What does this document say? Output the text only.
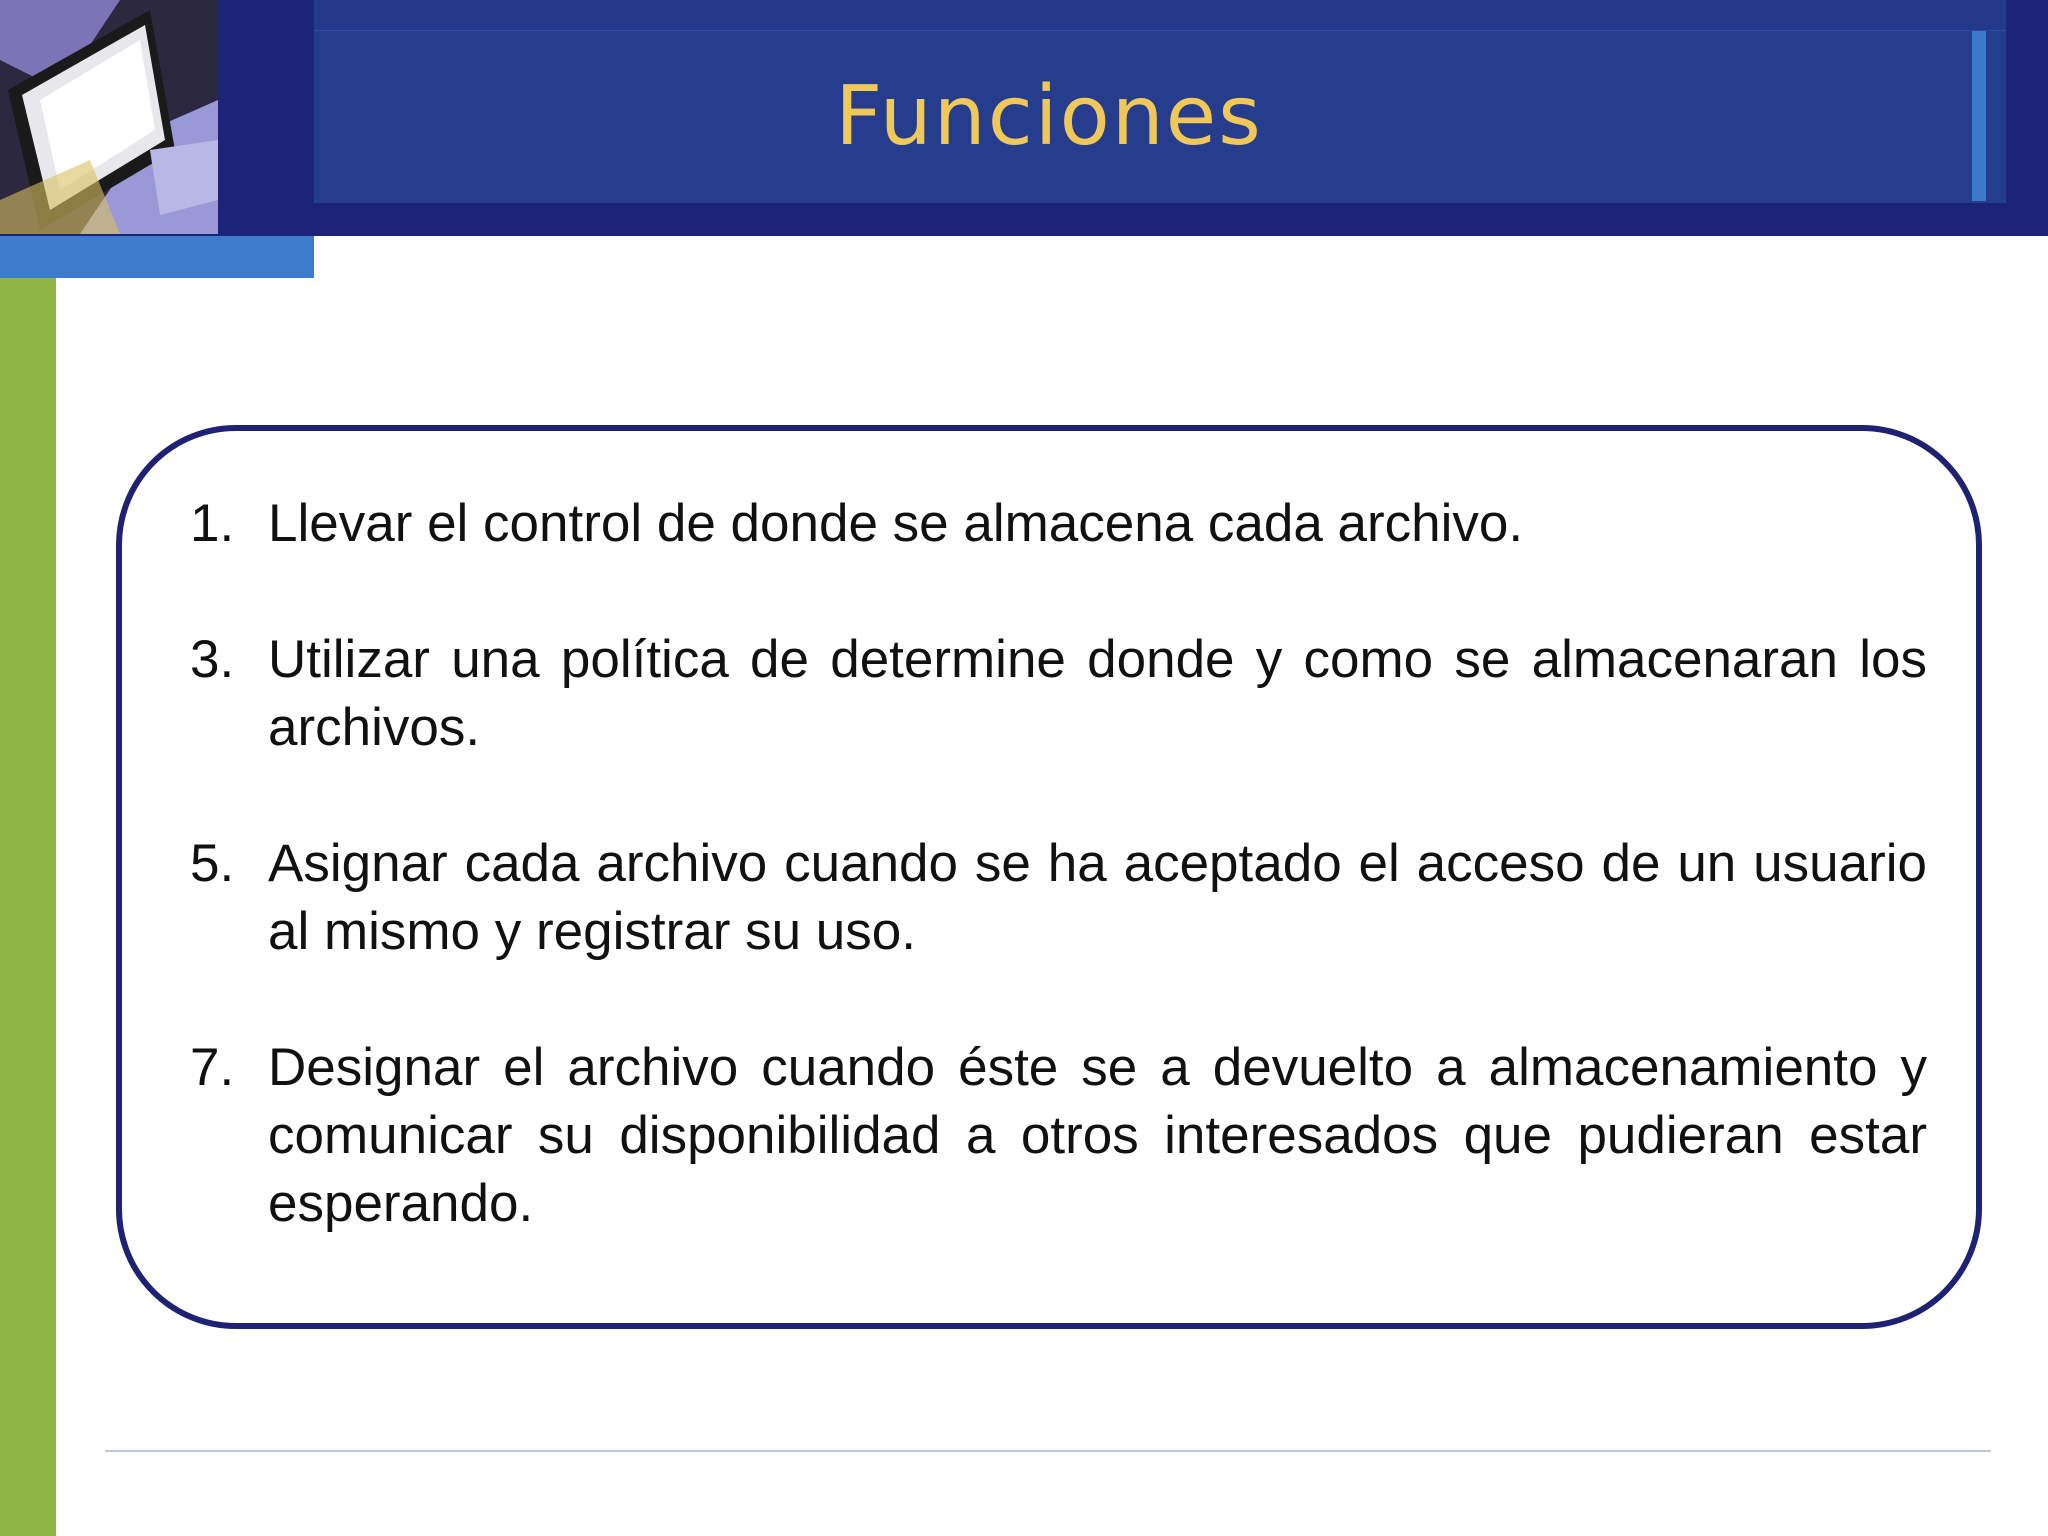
Funciones
1. Llevar el control de donde se almacena cada archivo.
3. Utilizar una política de determine donde y como se almacenaran los archivos.
5. Asignar cada archivo cuando se ha aceptado el acceso de un usuario al mismo y registrar su uso.
7. Designar el archivo cuando éste se a devuelto a almacenamiento y comunicar su disponibilidad a otros interesados que pudieran estar esperando.
